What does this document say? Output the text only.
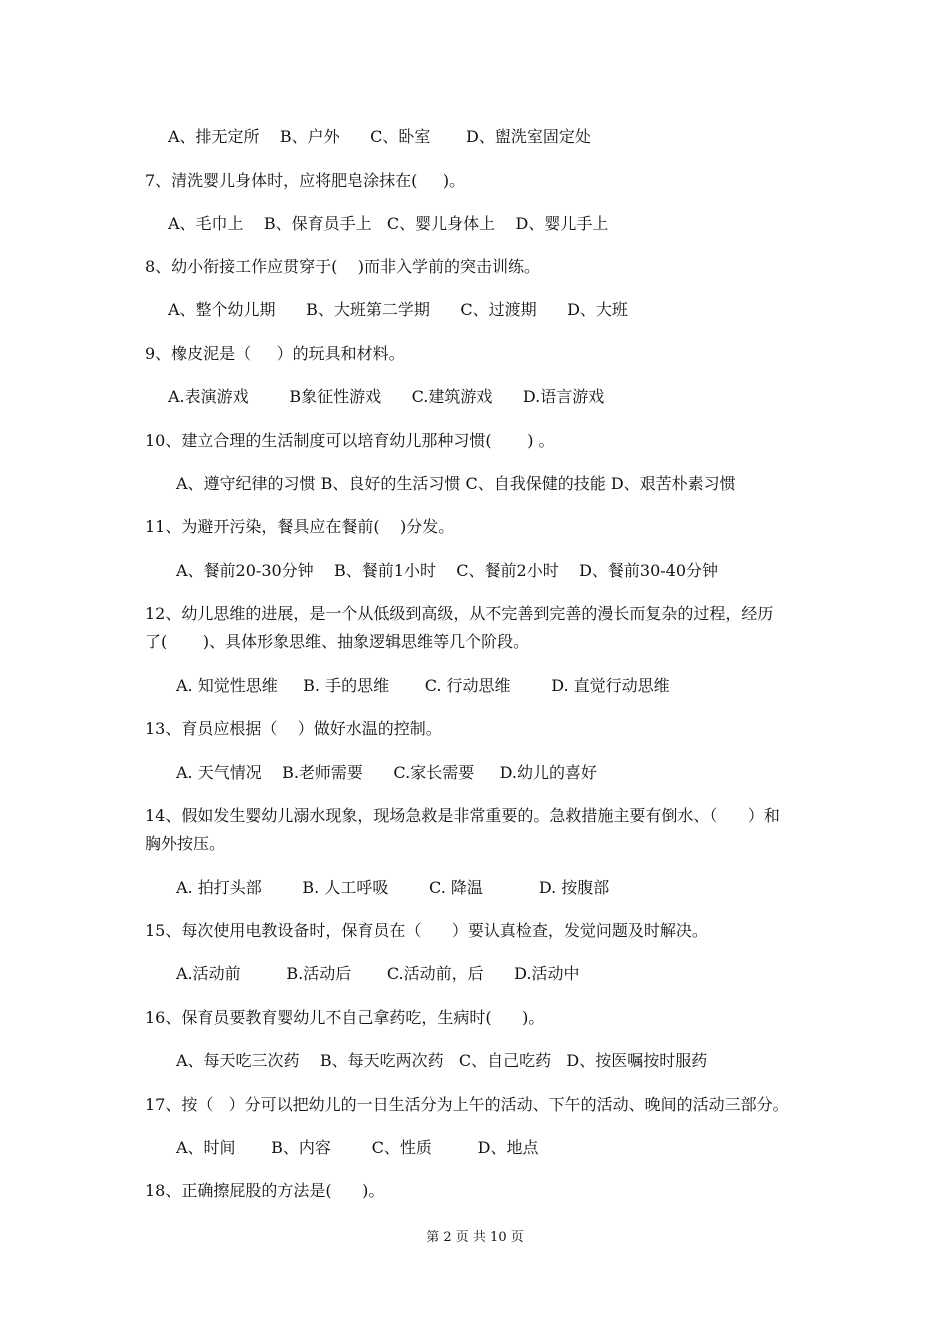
A、排无定所    B、户外      C、卧室       D、盥洗室固定处
7、清洗婴儿身体时，应将肥皂涂抹在(     )。
A、毛巾上    B、保育员手上   C、婴儿身体上    D、婴儿手上
8、幼小衔接工作应贯穿于(    )而非入学前的突击训练。
A、整个幼儿期      B、大班第二学期      C、过渡期      D、大班
9、橡皮泥是（     ）的玩具和材料。
A.表演游戏        B象征性游戏      C.建筑游戏      D.语言游戏
10、建立合理的生活制度可以培育幼儿那种习惯(       ) 。
A、遵守纪律的习惯 B、良好的生活习惯 C、自我保健的技能 D、艰苦朴素习惯
11、为避开污染，餐具应在餐前(    )分发。
A、餐前20-30分钟    B、餐前1小时    C、餐前2小时    D、餐前30-40分钟
12、幼儿思维的进展，是一个从低级到高级，从不完善到完善的漫长而复杂的过程，经历
了(       )、具体形象思维、抽象逻辑思维等几个阶段。
A. 知觉性思维     B. 手的思维       C. 行动思维        D. 直觉行动思维
13、育员应根据（    ）做好水温的控制。
A. 天气情况    B.老师需要      C.家长需要     D.幼儿的喜好
14、假如发生婴幼儿溺水现象，现场急救是非常重要的。急救措施主要有倒水、（      ）和
胸外按压。
A. 拍打头部        B. 人工呼吸        C. 降温           D. 按腹部
15、每次使用电教设备时，保育员在（      ）要认真检查，发觉问题及时解决。
A.活动前         B.活动后       C.活动前，后      D.活动中
16、保育员要教育婴幼儿不自己拿药吃，生病时(      )。
A、每天吃三次药    B、每天吃两次药   C、自己吃药   D、按医嘱按时服药
17、按（   ）分可以把幼儿的一日生活分为上午的活动、下午的活动、晚间的活动三部分。
A、时间       B、内容        C、性质         D、地点
18、正确擦屁股的方法是(      )。
第 2 页 共 10 页
